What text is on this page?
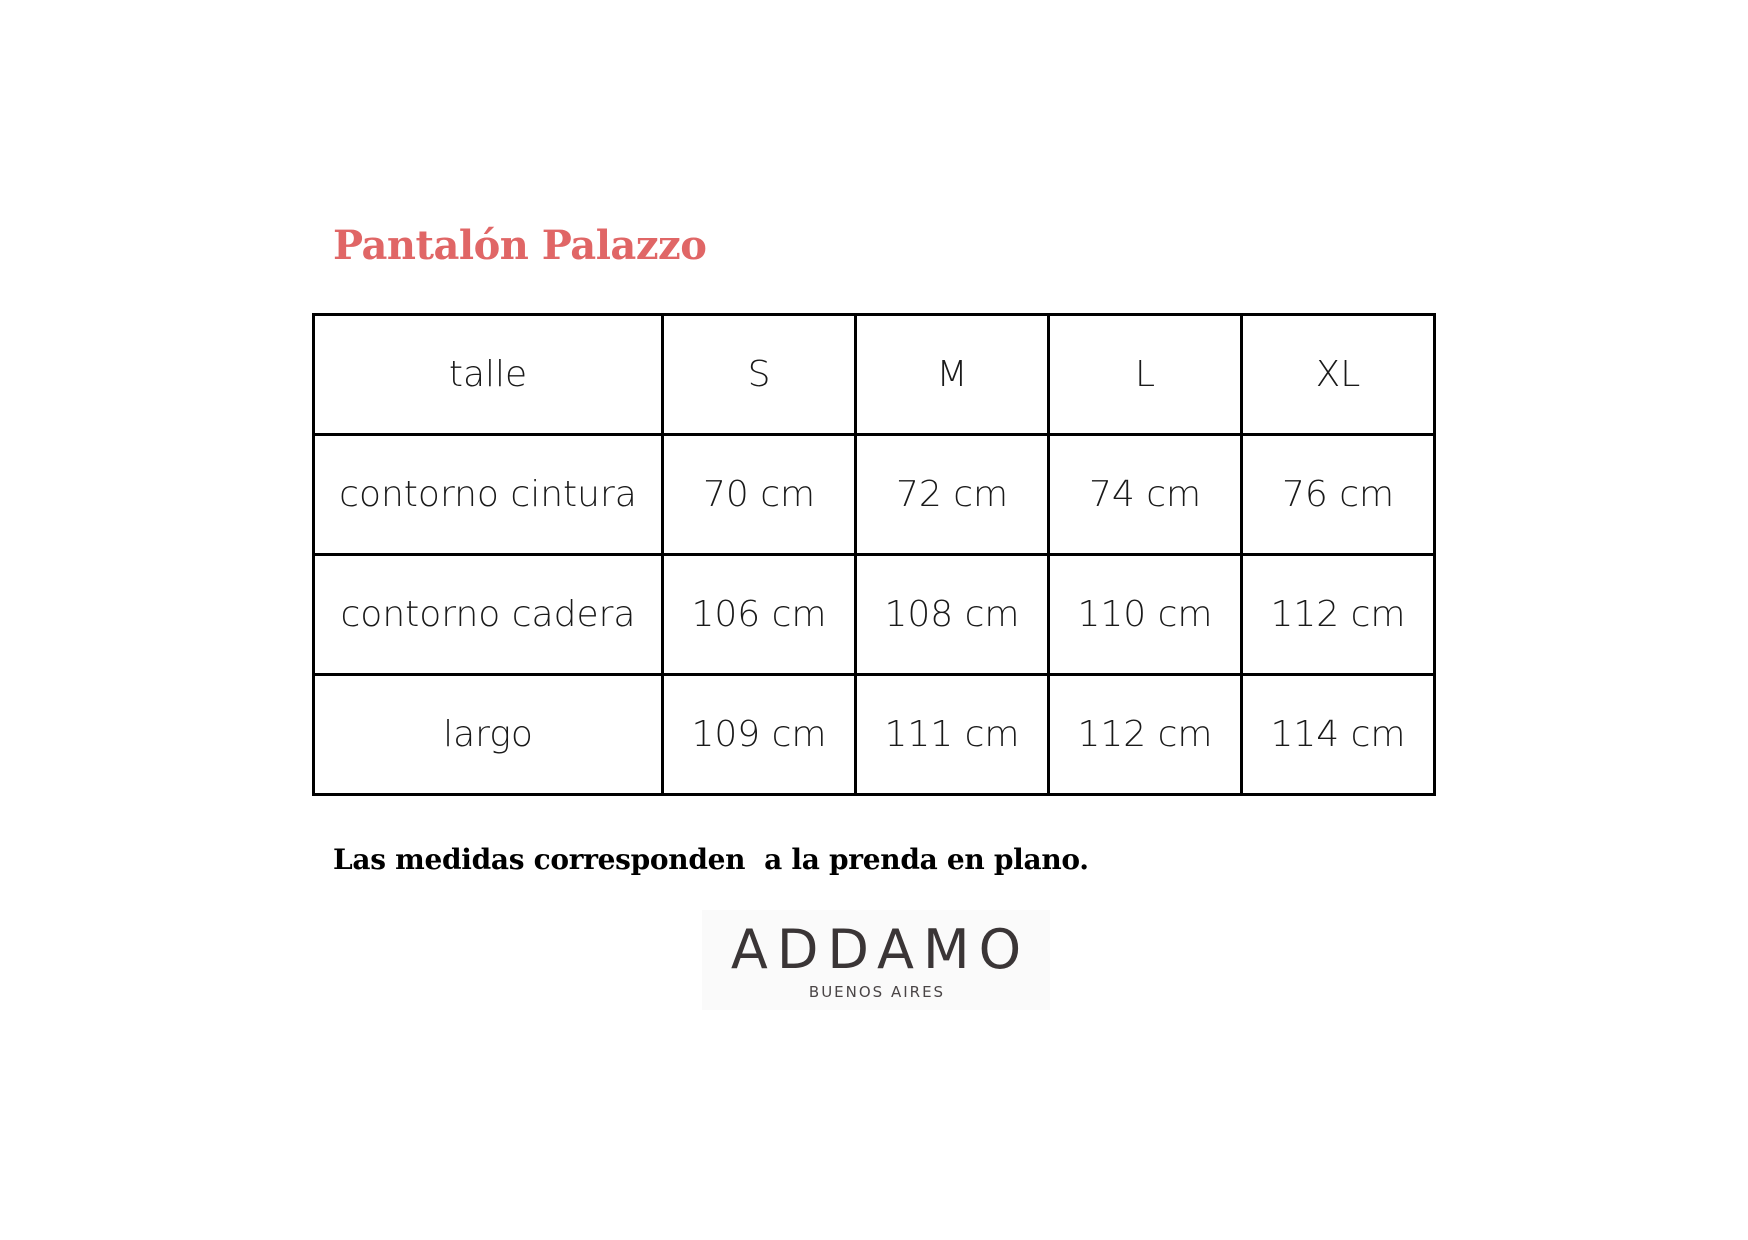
Pantalón Palazzo
talle	S	M	L	XL
contorno cintura	70 cm	72 cm	74 cm	76 cm
contorno cadera	106 cm	108 cm	110 cm	112 cm
largo	109 cm	111 cm	112 cm	114 cm
Las medidas corresponden  a la prenda en plano.
ADDAMO
BUENOS AIRES
